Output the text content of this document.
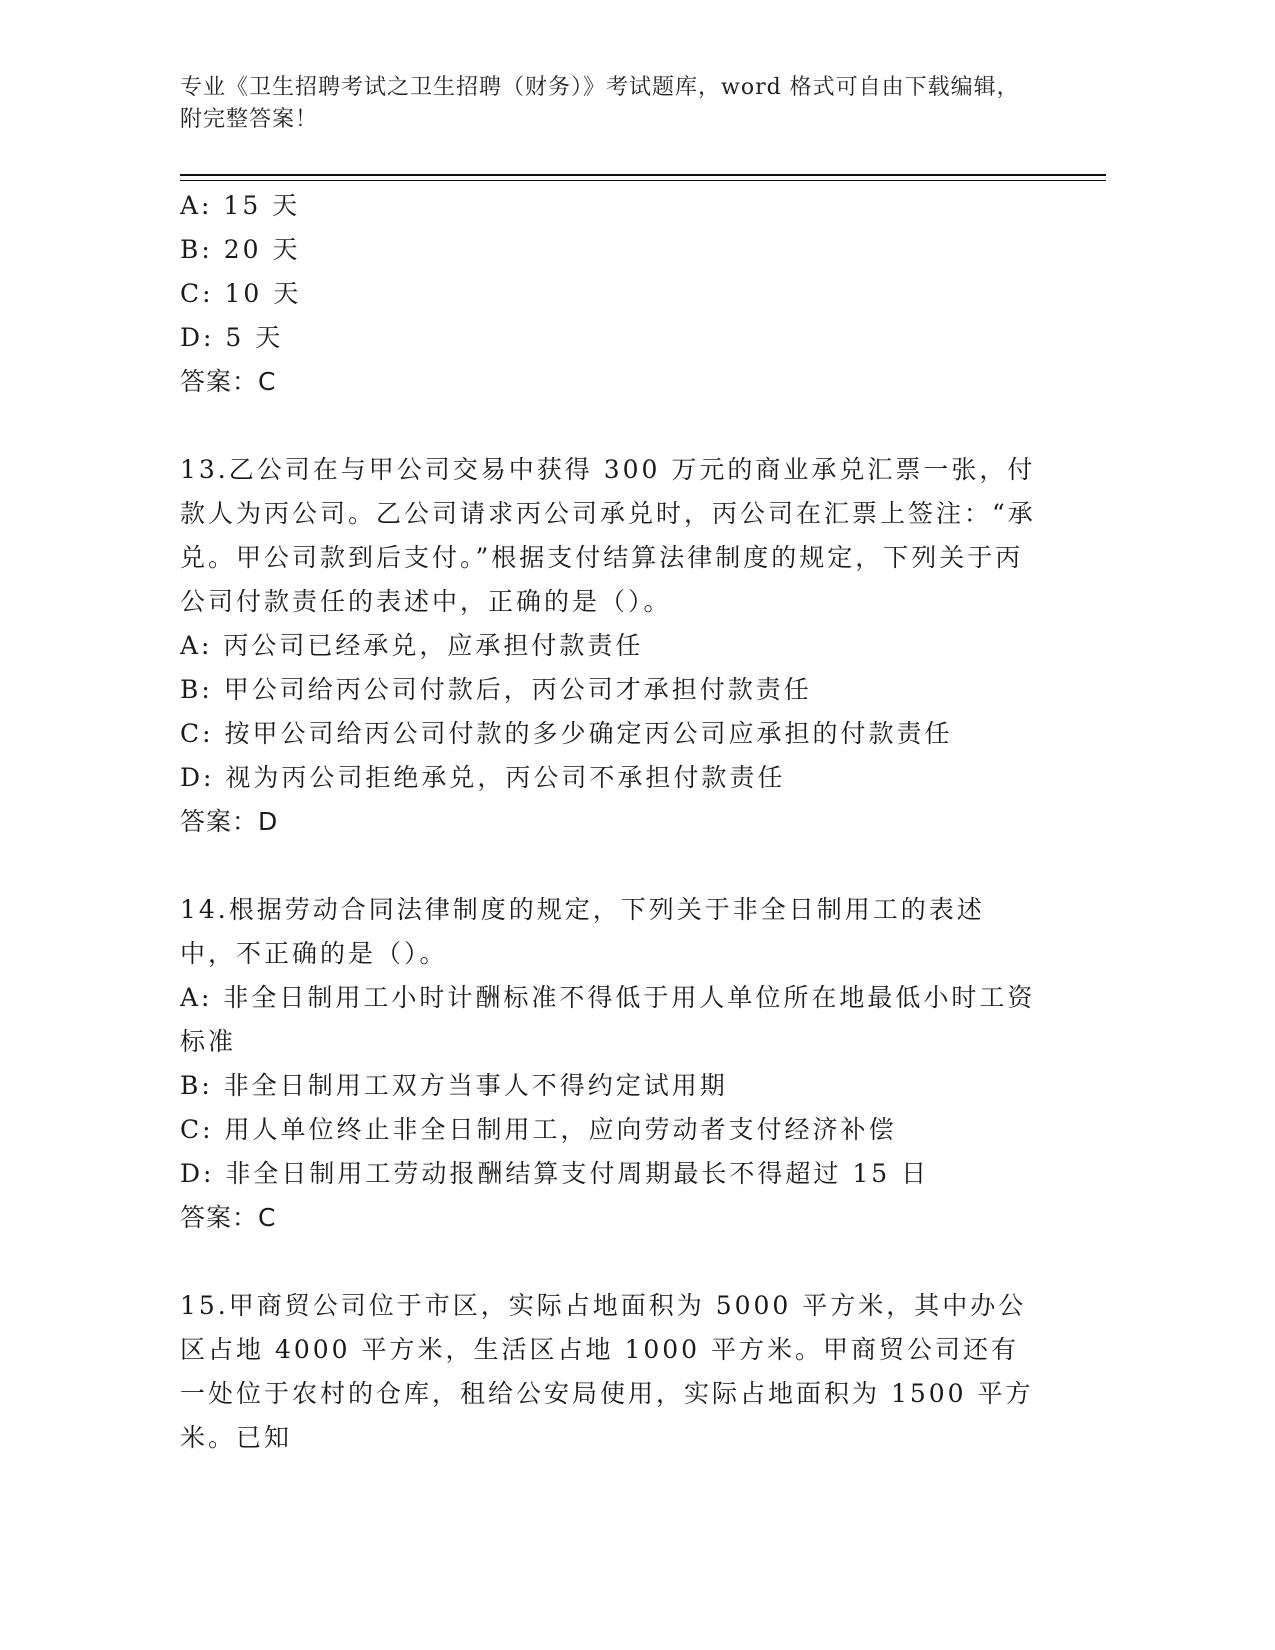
专业《卫生招聘考试之卫生招聘（财务）》考试题库，word 格式可自由下载编辑，附完整答案！
A: 15 天
B: 20 天
C: 10 天
D: 5 天
答案：C
13.乙公司在与甲公司交易中获得 300 万元的商业承兑汇票一张，付款人为丙公司。乙公司请求丙公司承兑时，丙公司在汇票上签注：“承兑。甲公司款到后支付。”根据支付结算法律制度的规定，下列关于丙公司付款责任的表述中，正确的是（）。
A: 丙公司已经承兑，应承担付款责任
B: 甲公司给丙公司付款后，丙公司才承担付款责任
C: 按甲公司给丙公司付款的多少确定丙公司应承担的付款责任
D: 视为丙公司拒绝承兑，丙公司不承担付款责任
答案：D
14.根据劳动合同法律制度的规定，下列关于非全日制用工的表述中，不正确的是（）。
A: 非全日制用工小时计酬标准不得低于用人单位所在地最低小时工资标准
B: 非全日制用工双方当事人不得约定试用期
C: 用人单位终止非全日制用工，应向劳动者支付经济补偿
D: 非全日制用工劳动报酬结算支付周期最长不得超过 15 日
答案：C
15.甲商贸公司位于市区，实际占地面积为 5000 平方米，其中办公区占地 4000 平方米，生活区占地 1000 平方米。甲商贸公司还有一处位于农村的仓库，租给公安局使用，实际占地面积为 1500 平方米。已知
